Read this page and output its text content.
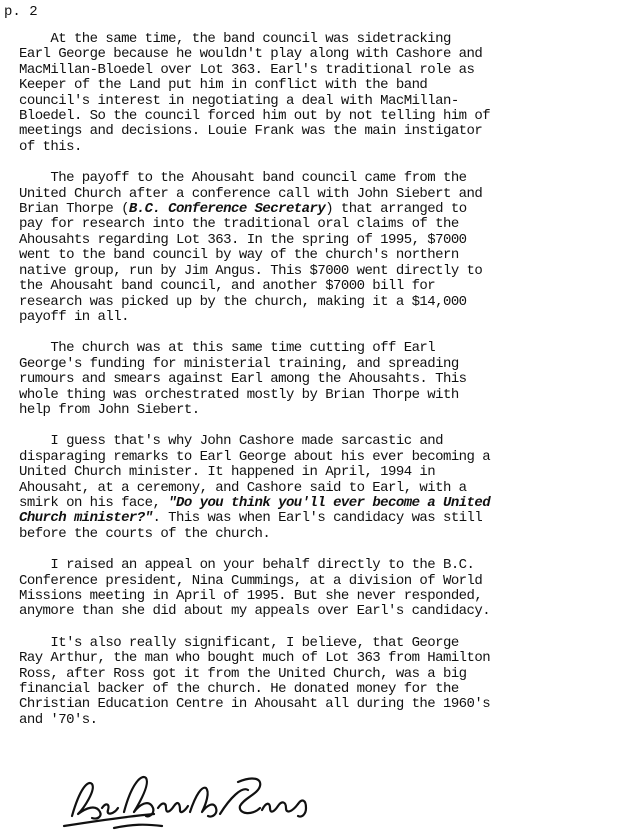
p. 2
At the same time, the band council was sidetracking
Earl George because he wouldn't play along with Cashore and
MacMillan-Bloedel over Lot 363. Earl's traditional role as
Keeper of the Land put him in conflict with the band
council's interest in negotiating a deal with MacMillan-
Bloedel. So the council forced him out by not telling him of
meetings and decisions. Louie Frank was the main instigator
of this.
The payoff to the Ahousaht band council came from the
United Church after a conference call with John Siebert and
Brian Thorpe (B.C. Conference Secretary) that arranged to
pay for research into the traditional oral claims of the
Ahousahts regarding Lot 363. In the spring of 1995, $7000
went to the band council by way of the church's northern
native group, run by Jim Angus. This $7000 went directly to
the Ahousaht band council, and another $7000 bill for
research was picked up by the church, making it a $14,000
payoff in all.
The church was at this same time cutting off Earl
George's funding for ministerial training, and spreading
rumours and smears against Earl among the Ahousahts. This
whole thing was orchestrated mostly by Brian Thorpe with
help from John Siebert.
I guess that's why John Cashore made sarcastic and
disparaging remarks to Earl George about his ever becoming a
United Church minister. It happened in April, 1994 in
Ahousaht, at a ceremony, and Cashore said to Earl, with a
smirk on his face, "Do you think you'll ever become a United
Church minister?". This was when Earl's candidacy was still
before the courts of the church.
I raised an appeal on your behalf directly to the B.C.
Conference president, Nina Cummings, at a division of World
Missions meeting in April of 1995. But she never responded,
anymore than she did about my appeals over Earl's candidacy.
It's also really significant, I believe, that George
Ray Arthur, the man who bought much of Lot 363 from Hamilton
Ross, after Ross got it from the United Church, was a big
financial backer of the church. He donated money for the
Christian Education Centre in Ahousaht all during the 1960's
and '70's.
